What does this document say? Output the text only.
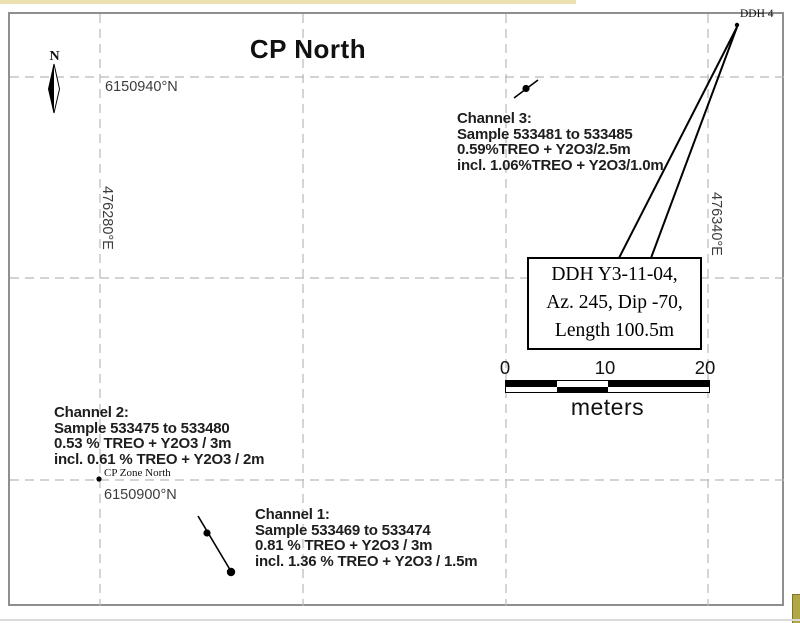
CP North
N
6150940°N
6150900°N
476280°E	476340°E
Channel 3:
Sample 533481 to 533485
0.59%TREO + Y2O3/2.5m
incl. 1.06%TREO + Y2O3/1.0m
Channel 2:
Sample 533475 to 533480
0.53 % TREO + Y2O3 / 3m
incl. 0.61 % TREO + Y2O3 / 2m
Channel 1:
Sample 533469 to 533474
0.81 % TREO + Y2O3 / 3m
incl. 1.36 % TREO + Y2O3 / 1.5m
CP Zone North
DDH 4
DDH Y3-11-04,
Az. 245, Dip -70,
Length 100.5m
0	10	20
meters
